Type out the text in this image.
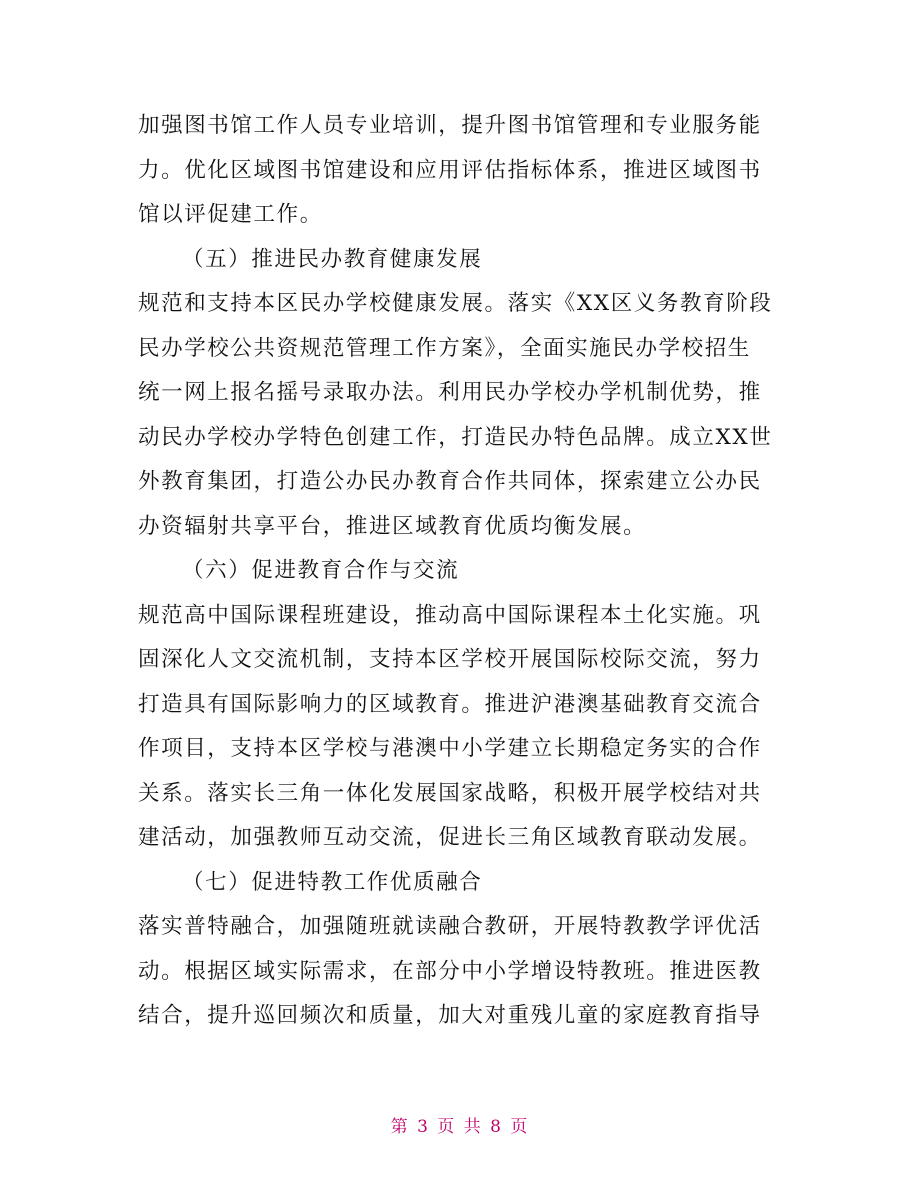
加强图书馆工作人员专业培训，提升图书馆管理和专业服务能
力。优化区域图书馆建设和应用评估指标体系，推进区域图书
馆以评促建工作。
（五）推进民办教育健康发展
规范和支持本区民办学校健康发展。落实《XX区义务教育阶段
民办学校公共资规范管理工作方案》，全面实施民办学校招生
统一网上报名摇号录取办法。利用民办学校办学机制优势，推
动民办学校办学特色创建工作，打造民办特色品牌。成立XX世
外教育集团，打造公办民办教育合作共同体，探索建立公办民
办资辐射共享平台，推进区域教育优质均衡发展。
（六）促进教育合作与交流
规范高中国际课程班建设，推动高中国际课程本土化实施。巩
固深化人文交流机制，支持本区学校开展国际校际交流，努力
打造具有国际影响力的区域教育。推进沪港澳基础教育交流合
作项目，支持本区学校与港澳中小学建立长期稳定务实的合作
关系。落实长三角一体化发展国家战略，积极开展学校结对共
建活动，加强教师互动交流，促进长三角区域教育联动发展。
（七）促进特教工作优质融合
落实普特融合，加强随班就读融合教研，开展特教教学评优活
动。根据区域实际需求，在部分中小学增设特教班。推进医教
结合，提升巡回频次和质量，加大对重残儿童的家庭教育指导
第 3 页 共 8 页
